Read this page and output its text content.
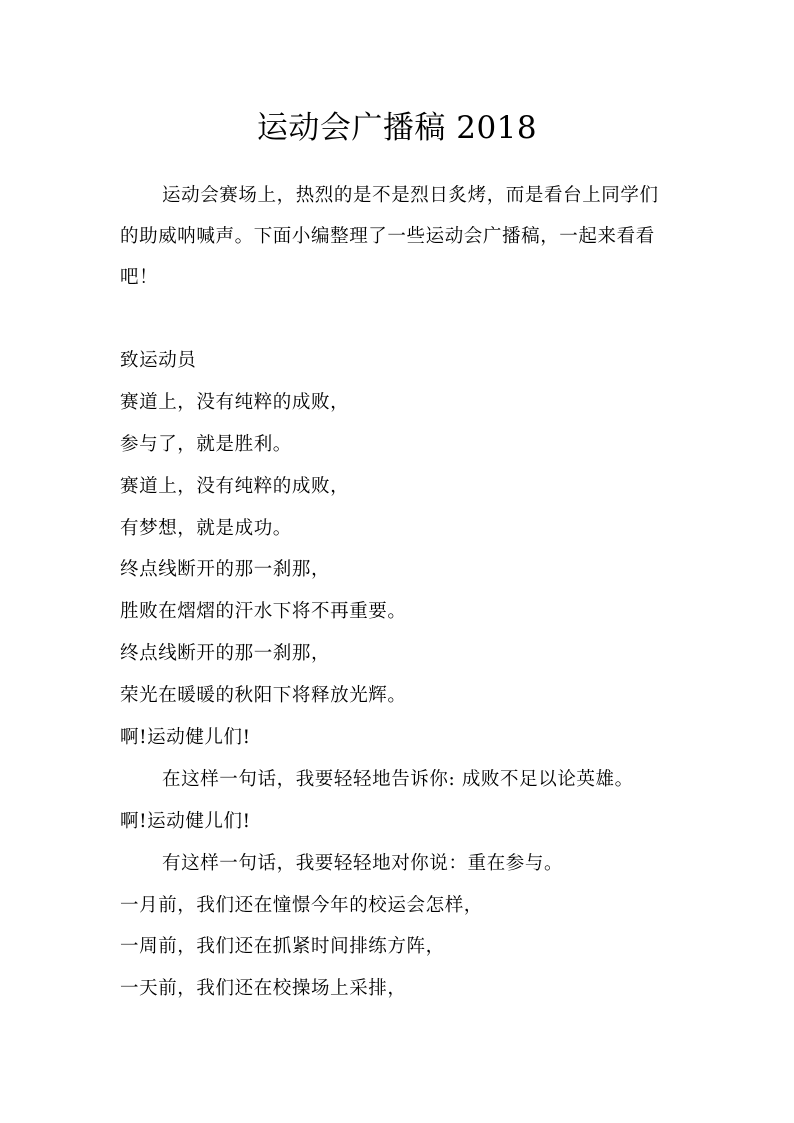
运动会广播稿 2018

运动会赛场上，热烈的是不是烈日炙烤，而是看台上同学们的助威呐喊声。下面小编整理了一些运动会广播稿，一起来看看吧！

致运动员
赛道上，没有纯粹的成败，
参与了，就是胜利。
赛道上，没有纯粹的成败，
有梦想，就是成功。
终点线断开的那一刹那，
胜败在熠熠的汗水下将不再重要。
终点线断开的那一刹那，
荣光在暖暖的秋阳下将释放光辉。
啊!运动健儿们!
在这样一句话，我要轻轻地告诉你: 成败不足以论英雄。
啊!运动健儿们!
有这样一句话，我要轻轻地对你说：重在参与。
一月前，我们还在憧憬今年的校运会怎样，
一周前，我们还在抓紧时间排练方阵，
一天前，我们还在校操场上采排，
